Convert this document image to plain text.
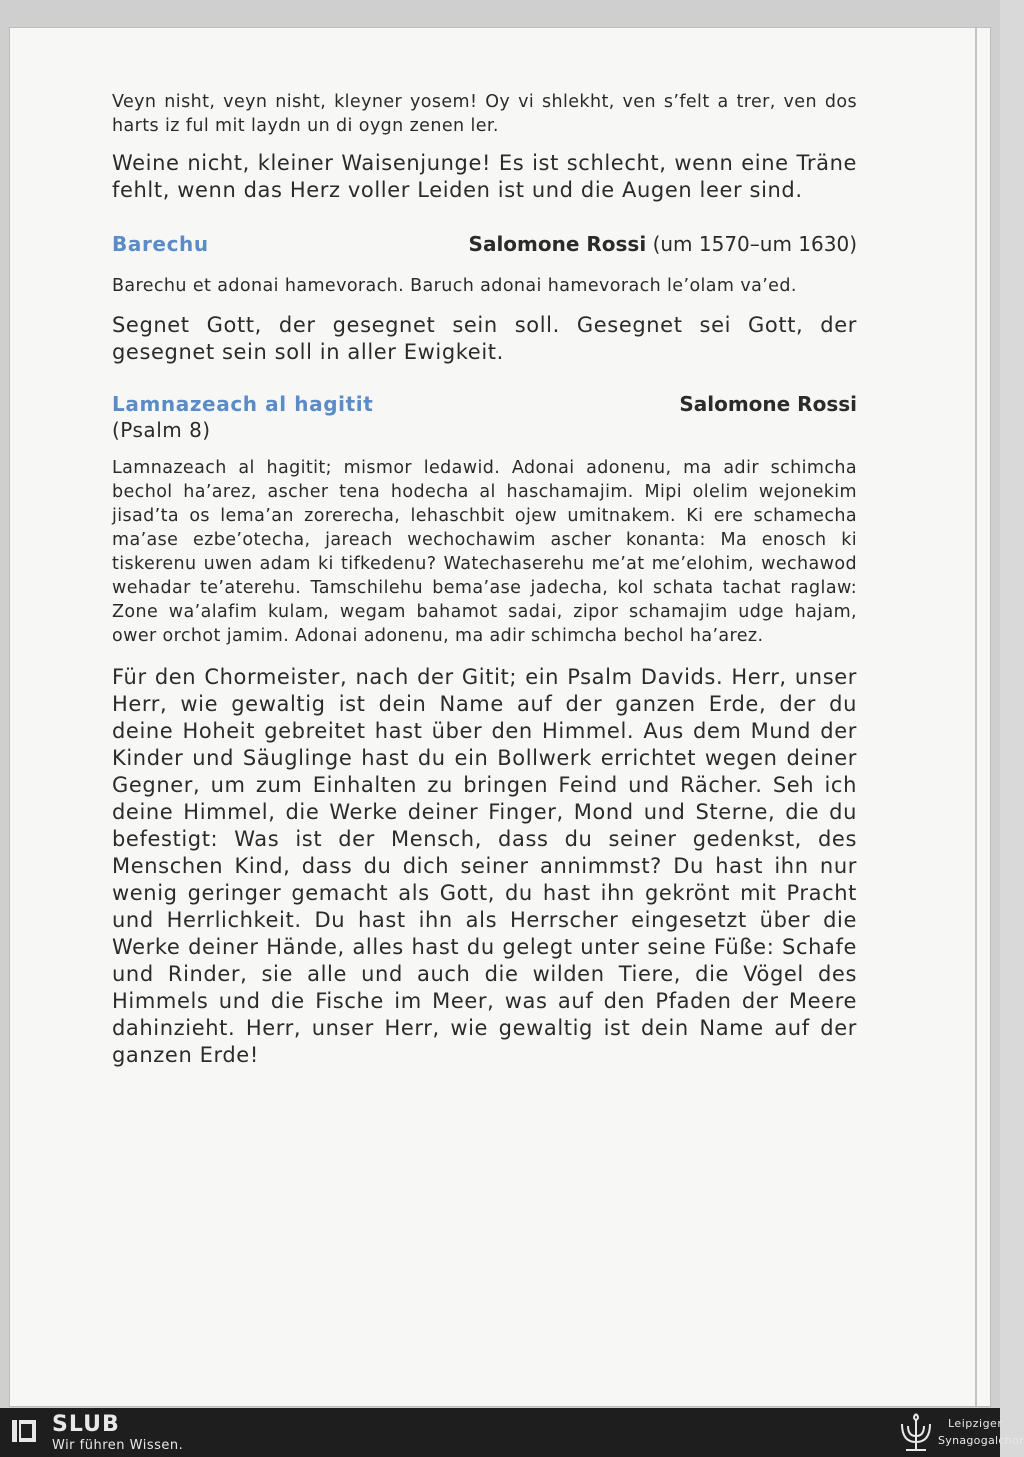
Veyn nisht, veyn nisht, kleyner yosem! Oy vi shlekht, ven s’felt a trer, ven dos harts iz ful mit laydn un di oygn zenen ler.

Weine nicht, kleiner Waisenjunge! Es ist schlecht, wenn eine Träne fehlt, wenn das Herz voller Leiden ist und die Augen leer sind.

Barechu	Salomone Rossi (um 1570–um 1630)

Barechu et adonai hamevorach. Baruch adonai hamevorach le’olam va’ed.

Segnet Gott, der gesegnet sein soll. Gesegnet sei Gott, der gesegnet sein soll in aller Ewigkeit.

Lamnazeach al hagitit	Salomone Rossi
(Psalm 8)

Lamnazeach al hagitit; mismor ledawid. Adonai adonenu, ma adir schimcha bechol ha’arez, ascher tena hodecha al haschamajim. Mipi olelim wejonekim jisad’ta os lema’an zorerecha, lehaschbit ojew umitnakem. Ki ere schamecha ma’ase ezbe’otecha, jareach wechochawim ascher konanta: Ma enosch ki tiskerenu uwen adam ki tifkedenu? Watechaserehu me’at me’elohim, wechawod wehadar te’aterehu. Tamschilehu bema’ase jadecha, kol schata tachat raglaw: Zone wa’alafim kulam, wegam bahamot sadai, zipor schamajim udge hajam, ower orchot jamim. Adonai adonenu, ma adir schimcha bechol ha’arez.

Für den Chormeister, nach der Gitit; ein Psalm Davids. Herr, unser Herr, wie gewaltig ist dein Name auf der ganzen Erde, der du deine Hoheit gebreitet hast über den Himmel. Aus dem Mund der Kinder und Säuglinge hast du ein Bollwerk errichtet wegen deiner Gegner, um zum Einhalten zu bringen Feind und Rächer. Seh ich deine Himmel, die Werke deiner Finger, Mond und Sterne, die du befestigt: Was ist der Mensch, dass du seiner gedenkst, des Menschen Kind, dass du dich seiner annimmst? Du hast ihn nur wenig geringer gemacht als Gott, du hast ihn gekrönt mit Pracht und Herrlichkeit. Du hast ihn als Herrscher eingesetzt über die Werke deiner Hände, alles hast du gelegt unter seine Füße: Schafe und Rinder, sie alle und auch die wilden Tiere, die Vögel des Himmels und die Fische im Meer, was auf den Pfaden der Meere dahinzieht. Herr, unser Herr, wie gewaltig ist dein Name auf der ganzen Erde!

SLUB
Wir führen Wissen.
Leipziger
Synagogalchor
